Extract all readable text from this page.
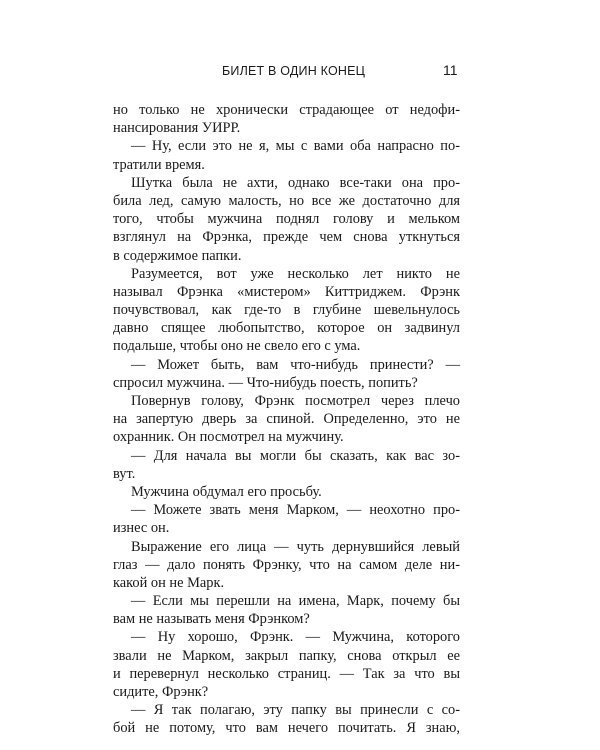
БИЛЕТ В ОДИН КОНЕЦ	11
но только не хронически страдающее от недофи-
нансирования УИРР.
— Ну, если это не я, мы с вами оба напрасно по-
тратили время.
Шутка была не ахти, однако все-таки она про-
била лед, самую малость, но все же достаточно для
того, чтобы мужчина поднял голову и мельком
взглянул на Фрэнка, прежде чем снова уткнуться
в содержимое папки.
Разумеется, вот уже несколько лет никто не
называл Фрэнка «мистером» Киттриджем. Фрэнк
почувствовал, как где-то в глубине шевельнулось
давно спящее любопытство, которое он задвинул
подальше, чтобы оно не свело его с ума.
— Может быть, вам что-нибудь принести? —
спросил мужчина. — Что-нибудь поесть, попить?
Повернув голову, Фрэнк посмотрел через плечо
на запертую дверь за спиной. Определенно, это не
охранник. Он посмотрел на мужчину.
— Для начала вы могли бы сказать, как вас зо-
вут.
Мужчина обдумал его просьбу.
— Можете звать меня Марком, — неохотно про-
изнес он.
Выражение его лица — чуть дернувшийся левый
глаз — дало понять Фрэнку, что на самом деле ни-
какой он не Марк.
— Если мы перешли на имена, Марк, почему бы
вам не называть меня Фрэнком?
— Ну хорошо, Фрэнк. — Мужчина, которого
звали не Марком, закрыл папку, снова открыл ее
и перевернул несколько страниц. — Так за что вы
сидите, Фрэнк?
— Я так полагаю, эту папку вы принесли с со-
бой не потому, что вам нечего почитать. Я знаю,
